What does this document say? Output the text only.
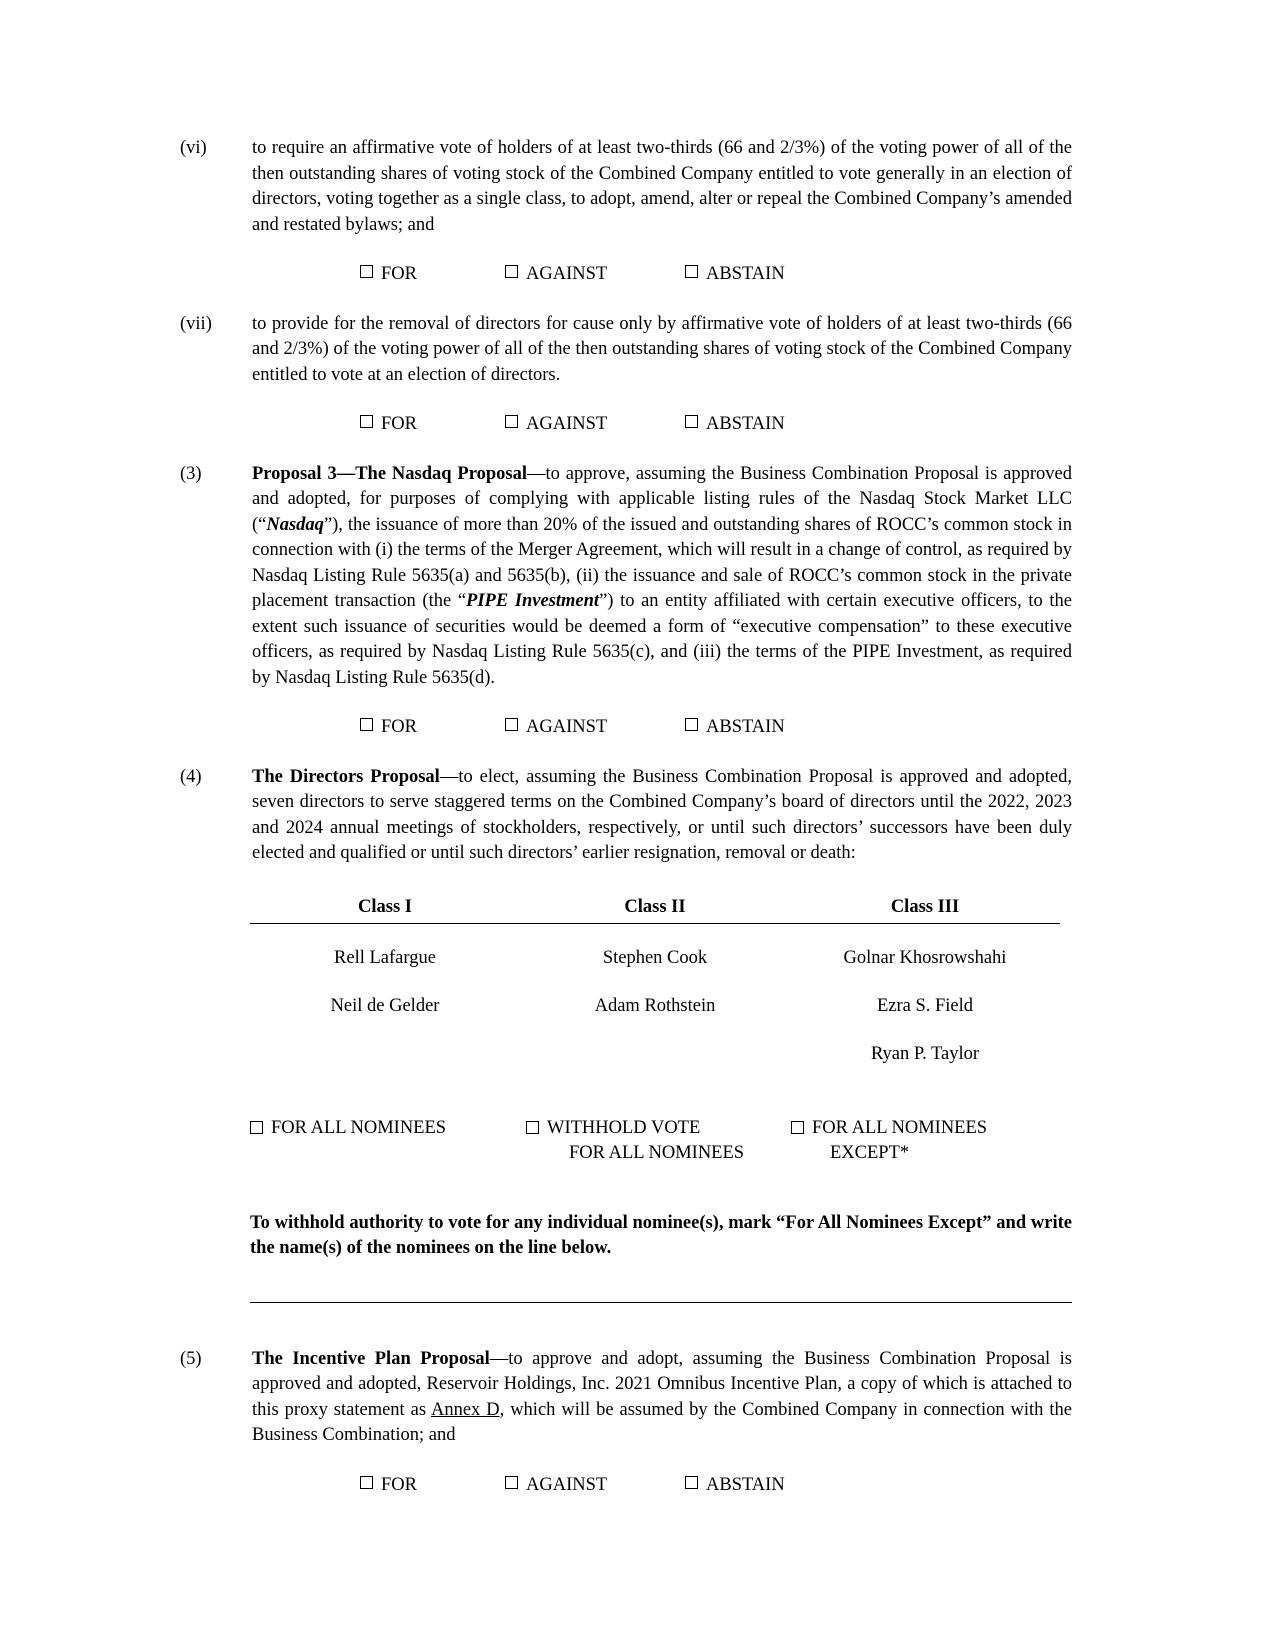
(vi)	to require an affirmative vote of holders of at least two-thirds (66 and 2/3%) of the voting power of all of the then outstanding shares of voting stock of the Combined Company entitled to vote generally in an election of directors, voting together as a single class, to adopt, amend, alter or repeal the Combined Company’s amended and restated bylaws; and
FOR	AGAINST	ABSTAIN
(vii)	to provide for the removal of directors for cause only by affirmative vote of holders of at least two-thirds (66 and 2/3%) of the voting power of all of the then outstanding shares of voting stock of the Combined Company entitled to vote at an election of directors.
FOR	AGAINST	ABSTAIN
(3)	Proposal 3—The Nasdaq Proposal—to approve, assuming the Business Combination Proposal is approved and adopted, for purposes of complying with applicable listing rules of the Nasdaq Stock Market LLC (“Nasdaq”), the issuance of more than 20% of the issued and outstanding shares of ROCC’s common stock in connection with (i) the terms of the Merger Agreement, which will result in a change of control, as required by Nasdaq Listing Rule 5635(a) and 5635(b), (ii) the issuance and sale of ROCC’s common stock in the private placement transaction (the “PIPE Investment”) to an entity affiliated with certain executive officers, to the extent such issuance of securities would be deemed a form of “executive compensation” to these executive officers, as required by Nasdaq Listing Rule 5635(c), and (iii) the terms of the PIPE Investment, as required by Nasdaq Listing Rule 5635(d).
FOR	AGAINST	ABSTAIN
(4)	The Directors Proposal—to elect, assuming the Business Combination Proposal is approved and adopted, seven directors to serve staggered terms on the Combined Company’s board of directors until the 2022, 2023 and 2024 annual meetings of stockholders, respectively, or until such directors’ successors have been duly elected and qualified or until such directors’ earlier resignation, removal or death:
Class I	Class II	Class III
Rell Lafargue	Stephen Cook	Golnar Khosrowshahi
Neil de Gelder	Adam Rothstein	Ezra S. Field
		Ryan P. Taylor
FOR ALL NOMINEES	WITHHOLD VOTE
FOR ALL NOMINEES
FOR ALL NOMINEES
EXCEPT*
To withhold authority to vote for any individual nominee(s), mark “For All Nominees Except” and write the name(s) of the nominees on the line below.
(5)	The Incentive Plan Proposal—to approve and adopt, assuming the Business Combination Proposal is approved and adopted, Reservoir Holdings, Inc. 2021 Omnibus Incentive Plan, a copy of which is attached to this proxy statement as Annex D, which will be assumed by the Combined Company in connection with the Business Combination; and
FOR	AGAINST	ABSTAIN
